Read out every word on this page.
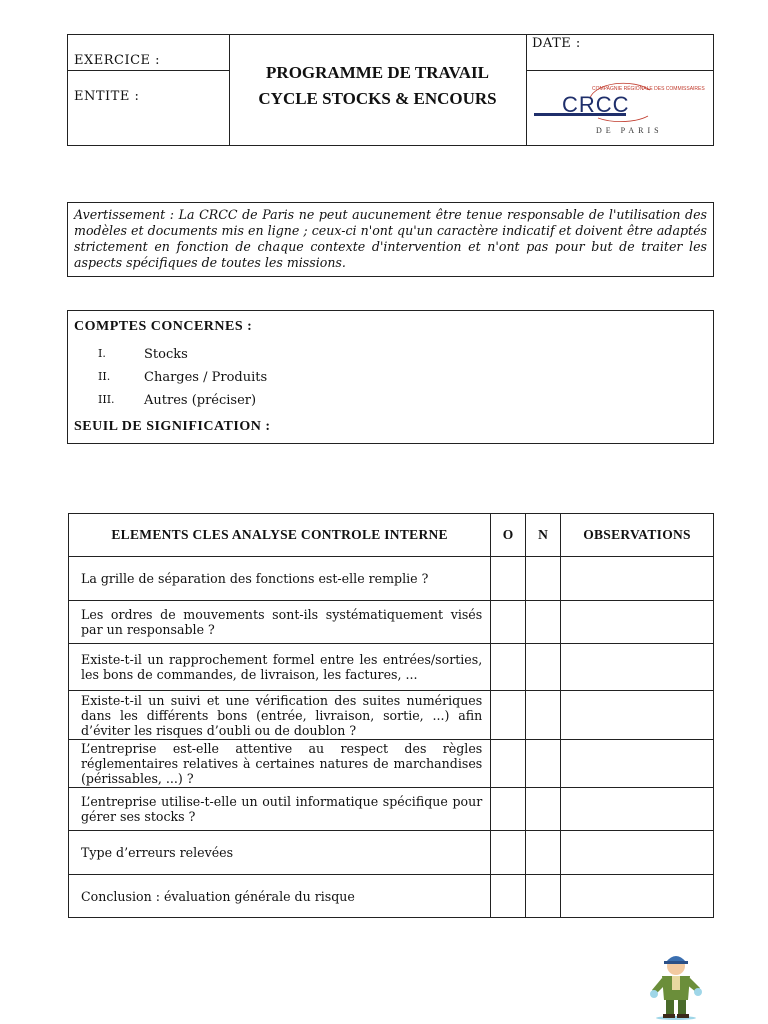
EXERCICE :
ENTITE :
PROGRAMME DE TRAVAIL
CYCLE STOCKS & ENCOURS
DATE :
COMPAGNIE RÉGIONALE DES COMMISSAIRES
CRCC
DE PARIS
Avertissement : La CRCC de Paris ne peut aucunement être tenue responsable de l'utilisation des modèles et documents mis en ligne ; ceux-ci n'ont qu'un caractère indicatif et doivent être adaptés strictement en fonction de chaque contexte d'intervention et n'ont pas pour but de traiter les aspects spécifiques de toutes les missions.
COMPTES CONCERNES :
I.	Stocks
II.	Charges / Produits
III.	Autres (préciser)
SEUIL DE SIGNIFICATION :
ELEMENTS CLES ANALYSE CONTROLE INTERNE	O	N	OBSERVATIONS
La grille de séparation des fonctions est-elle remplie ?			
Les ordres de mouvements sont-ils systématiquement visés par un responsable ?			
Existe-t-il un rapprochement formel entre les entrées/sorties, les bons de commandes, de livraison, les factures, ...			
Existe-t-il un suivi et une vérification des suites numériques dans les différents bons (entrée, livraison, sortie, ...) afin d’éviter les risques d’oubli ou de doublon ?			
L’entreprise est-elle attentive au respect des règles réglementaires relatives à certaines natures de marchandises (périssables, ...) ?			
L’entreprise utilise-t-elle un outil informatique spécifique pour gérer ses stocks ?			
Type d’erreurs relevées			
Conclusion : évaluation générale du risque			
